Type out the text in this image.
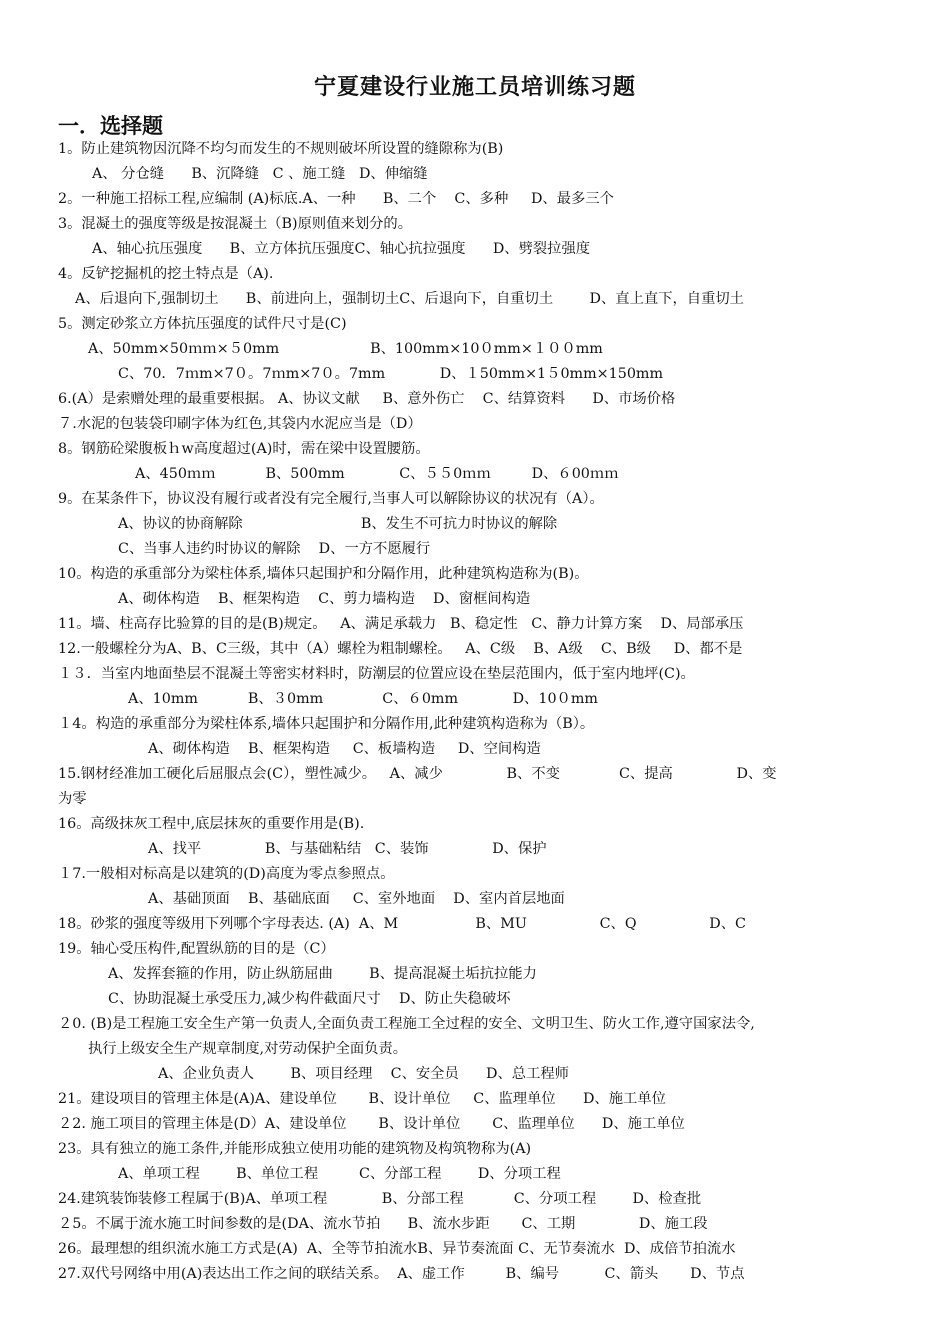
宁夏建设行业施工员培训练习题
一．选择题
1。防止建筑物因沉降不均匀而发生的不规则破坏所设置的缝隙称为(B)
A、 分仓缝      B、沉降缝   C 、施工缝   D、伸缩缝
2。一种施工招标工程,应编制 (A)标底.A、一种      B、二个    C、多种     D、最多三个
3。混凝土的强度等级是按混凝土（B)原则值来划分的。
A、轴心抗压强度      B、立方体抗压强度C、轴心抗拉强度      D、劈裂拉强度
4。反铲挖掘机的挖土特点是（A).
A、后退向下,强制切土      B、前进向上，强制切土C、后退向下，自重切土        D、直上直下，自重切土
5。测定砂浆立方体抗压强度的试件尺寸是(C)
A、50mm×50ｍｍ×５0mm                    B、100mm×10０mm×１００mm
C、70．7ｍm×7０。7ｍm×7０。7mm            D、１50mm×1５0mm×150mm
6.(A）是索赠处理的最重要根据。 A、协议文献     B、意外伤亡    C、结算资料      D、市场价格
７.水泥的包装袋印刷字体为红色,其袋内水泥应当是（D）
8。钢筋砼梁腹板ｈw高度超过(A)时，需在梁中设置腰筋。
A、450ｍｍ           B、500mm            C、５５0ｍｍ         D、６00ｍｍ
9。在某条件下，协议没有履行或者没有完全履行,当事人可以解除协议的状况有（A）。
A、协议的协商解除                          B、发生不可抗力时协议的解除
C、当事人违约时协议的解除    D、一方不愿履行
10。构造的承重部分为梁柱体系,墙体只起围护和分隔作用，此种建筑构造称为(B)。
A、砌体构造    B、框架构造    C、剪力墙构造    D、窗框间构造
11。墙、柱高存比验算的目的是(B)规定。   A、满足承载力   B、稳定性   C、静力计算方案    D、局部承压
12.一般螺栓分为A、B、C三级，其中（A）螺栓为粗制螺栓。   A、C级    B、A级    C、B级     D、都不是
１３．当室内地面垫层不混凝土等密实材料时，防潮层的位置应设在垫层范围内，低于室内地坪(C)。
A、10mm           B、３0mm             C、６0mm            D、10０mm
１4。构造的承重部分为梁柱体系,墙体只起围护和分隔作用,此种建筑构造称为（B）。
A、砌体构造    B、框架构造     C、板墙构造     D、空间构造
15.钢材经准加工硬化后屈服点会(C），塑性减少。   A、减少              B、不变             C、提高              D、变
为零
16。高级抹灰工程中,底层抹灰的重要作用是(B).
A、找平              B、与基础粘结   C、装饰              D、保护
１7.一般相对标高是以建筑的(D)高度为零点参照点。
A、基础顶面    B、基础底面     C、室外地面    D、室内首层地面
18。砂浆的强度等级用下列哪个字母表达. (A)  A、M                 B、MU                C、Q                D、C
19。轴心受压构件,配置纵筋的目的是（C）
A、发挥套箍的作用，防止纵筋屈曲        B、提高混凝土垢抗拉能力
C、协助混凝土承受压力,减少构件截面尺寸    D、防止失稳破坏
２0. (B)是工程施工安全生产第一负责人,全面负责工程施工全过程的安全、文明卫生、防火工作,遵守国家法令,
执行上级安全生产规章制度,对劳动保护全面负责。
A、企业负责人        B、项目经理    C、安全员      D、总工程师
21。建设项目的管理主体是(A)A、建设单位       B、设计单位     C、监理单位      D、施工单位
２2. 施工项目的管理主体是(D）A、建设单位       B、设计单位       C、监理单位      D、施工单位
23。具有独立的施工条件,并能形成独立使用功能的建筑物及构筑物称为(A)
A、单项工程        B、单位工程         C、分部工程        D、分项工程
24.建筑装饰装修工程属于(B)A、单项工程            B、分部工程           C、分项工程        D、检查批
２5。不属于流水施工时间参数的是(DA、流水节拍      B、流水步距       C、工期              D、施工段
26。最理想的组织流水施工方式是(A)  A、全等节拍流水B、异节奏流面 C、无节奏流水  D、成倍节拍流水
27.双代号网络中用(A)表达出工作之间的联结关系。  A、虚工作         B、编号          C、箭头       D、节点
